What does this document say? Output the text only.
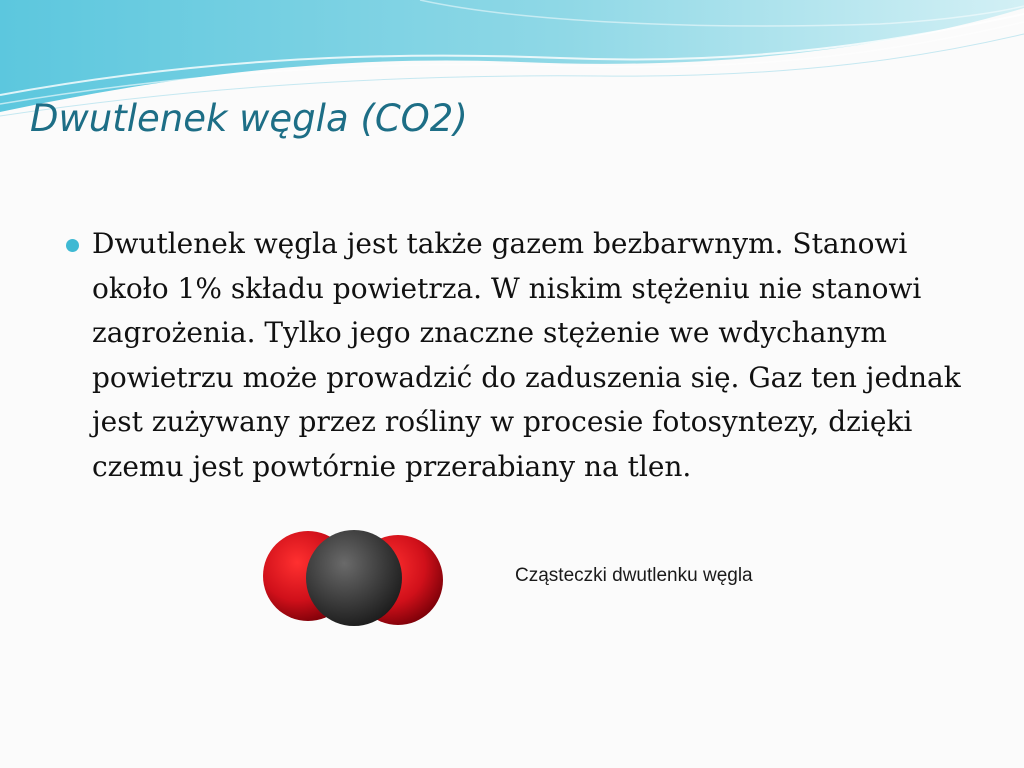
Dwutlenek węgla (CO2)

Dwutlenek węgla jest także gazem bezbarwnym. Stanowi około 1% składu powietrza. W niskim stężeniu nie stanowi zagrożenia. Tylko jego znaczne stężenie we wdychanym powietrzu może prowadzić do zaduszenia się. Gaz ten jednak jest zużywany przez rośliny w procesie fotosyntezy, dzięki czemu jest powtórnie przerabiany na tlen.

Cząsteczki dwutlenku węgla
